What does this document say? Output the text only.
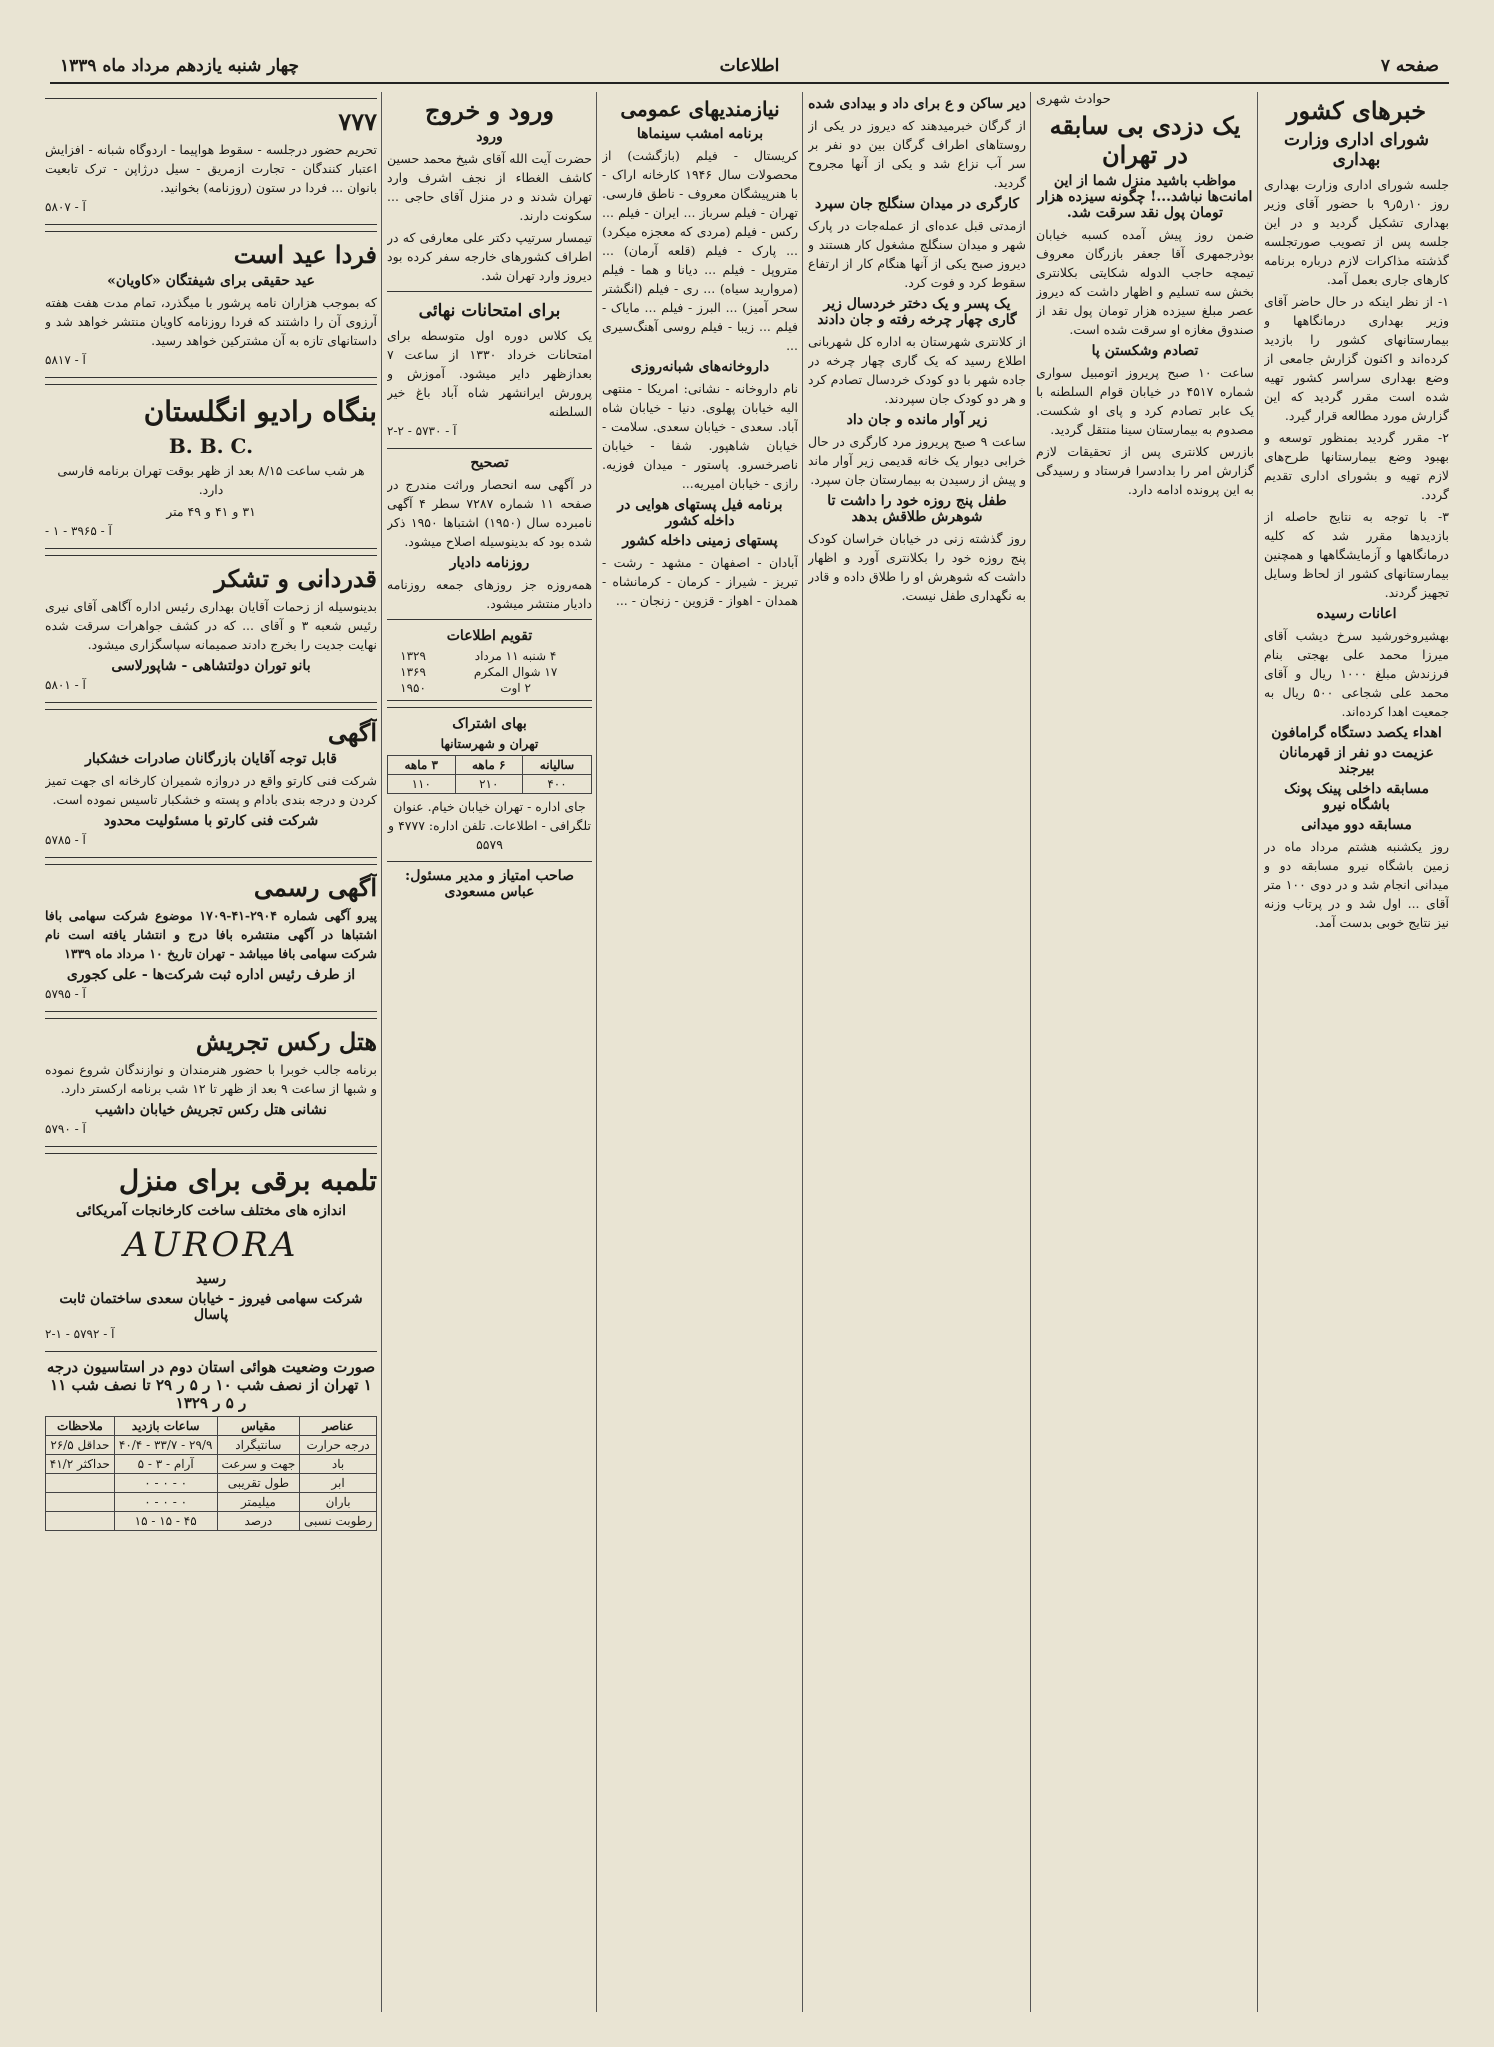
صفحه ۷
اطلاعات
چهار شنبه یازدهم مرداد ماه ۱۳۳۹
خبرهای کشور
شورای اداری وزارت بهداری

جلسه شورای اداری وزارت بهداری روز ۱۰ر۵ر۹ با حضور آقای وزیر بهداری تشکیل گردید و در این جلسه پس از تصویب صورتجلسه گذشته مذاکرات لازم درباره برنامه کارهای جاری بعمل آمد.

۱- از نظر اینکه در حال حاضر آقای وزیر بهداری درمانگاهها و بیمارستانهای کشور را بازدید کرده‌اند و اکنون گزارش جامعی از وضع بهداری سراسر کشور تهیه شده است مقرر گردید که این گزارش مورد مطالعه قرار گیرد.

۲- مقرر گردید بمنظور توسعه و بهبود وضع بیمارستانها طرح‌های لازم تهیه و بشورای اداری تقدیم گردد.

۳- با توجه به نتایج حاصله از بازدیدها مقرر شد که کلیه درمانگاهها و آزمایشگاهها و همچنین بیمارستانهای کشور از لحاظ وسایل تجهیز گردند.

اعانات رسیده

بهشیروخورشید سرخ دیشب آقای میرزا محمد علی بهجتی بنام فرزندش مبلغ ۱۰۰۰ ریال و آقای محمد علی شجاعی ۵۰۰ ریال به جمعیت اهدا کرده‌اند.

اهداء یکصد دستگاه گرامافون
عزیمت دو نفر از قهرمانان بیرجند
مسابقه داخلی پینک پونک باشگاه نیرو
مسابقه دوو میدانی

روز یکشنبه هشتم مرداد ماه در زمین باشگاه نیرو مسابقه دو و میدانی انجام شد و در دوی ۱۰۰ متر آقای ... اول شد و در پرتاب وزنه نیز نتایج خوبی بدست آمد.

حوادث شهری

یک دزدی بی سابقه در تهران

مواظب باشید منزل شما از این امانت‌ها نباشد...! چگونه سیزده هزار تومان پول نقد سرقت شد.

ضمن روز پیش آمده کسبه خیابان بوذرجمهری آقا جعفر بازرگان معروف تیمچه حاجب الدوله شکایتی بکلانتری بخش سه تسلیم و اظهار داشت که دیروز عصر مبلغ سیزده هزار تومان پول نقد از صندوق مغازه او سرقت شده است.

تصادم وشکستن پا

ساعت ۱۰ صبح پریروز اتومبیل سواری شماره ۴۵۱۷ در خیابان قوام السلطنه با یک عابر تصادم کرد و پای او شکست. مصدوم به بیمارستان سینا منتقل گردید.

بازرس کلانتری پس از تحقیقات لازم گزارش امر را بدادسرا فرستاد و رسیدگی به این پرونده ادامه دارد.

دیر ساکن و ع برای داد و بیدادی شده

از گرگان خبرمیدهند که دیروز در یکی از روستاهای اطراف گرگان بین دو نفر بر سر آب نزاع شد و یکی از آنها مجروح گردید.

کارگری در میدان سنگلج جان سپرد

ازمدتی قبل عده‌ای از عمله‌جات در پارک شهر و میدان سنگلج مشغول کار هستند و دیروز صبح یکی از آنها هنگام کار از ارتفاع سقوط کرد و فوت کرد.

یک پسر و یک دختر خردسال زیر گاری چهار چرخه رفته و جان دادند

از کلانتری شهرستان به اداره کل شهربانی اطلاع رسید که یک گاری چهار چرخه در جاده شهر با دو کودک خردسال تصادم کرد و هر دو کودک جان سپردند.

زیر آوار مانده و جان داد

ساعت ۹ صبح پریروز مرد کارگری در حال خرابی دیوار یک خانه قدیمی زیر آوار ماند و پیش از رسیدن به بیمارستان جان سپرد.

طفل پنج روزه خود را داشت تا شوهرش طلاقش بدهد

روز گذشته زنی در خیابان خراسان کودک پنج روزه خود را بکلانتری آورد و اظهار داشت که شوهرش او را طلاق داده و قادر به نگهداری طفل نیست.

نیازمندیهای عمومی
برنامه امشب سینماها

کریستال - فیلم (بازگشت) از محصولات سال ۱۹۴۶ کارخانه اراک - با هنرپیشگان معروف - ناطق فارسی. تهران - فیلم سرباز ... ایران - فیلم ... رکس - فیلم (مردی که معجزه میکرد) ... پارک - فیلم (قلعه آرمان) ... متروپل - فیلم ... دیانا و هما - فیلم (مروارید سیاه) ... ری - فیلم (انگشتر سحر آمیز) ... البرز - فیلم ... مایاک - فیلم ... زیبا - فیلم روسی آهنگ‌سیری ...

داروخانه‌های شبانه‌روزی

نام داروخانه - نشانی: امریکا - منتهی الیه خیابان پهلوی. دنیا - خیابان شاه آباد. سعدی - خیابان سعدی. سلامت - خیابان شاهپور. شفا - خیابان ناصرخسرو. پاستور - میدان فوزیه. رازی - خیابان امیریه...

برنامه فیل پستهای هوایی در داخله کشور
پستهای زمینی داخله کشور

آبادان - اصفهان - مشهد - رشت - تبریز - شیراز - کرمان - کرمانشاه - همدان - اهواز - قزوین - زنجان - ...

ورود و خروج
ورود

حضرت آیت الله آقای شیخ محمد حسین کاشف الغطاء از نجف اشرف وارد تهران شدند و در منزل آقای حاجی ... سکونت دارند.

تیمسار سرتیپ دکتر علی معارفی که در اطراف کشورهای خارجه سفر کرده بود دیروز وارد تهران شد.

برای امتحانات نهائی

یک کلاس دوره اول متوسطه برای امتحانات خرداد ۱۳۳۰ از ساعت ۷ بعدازظهر دایر میشود. آموزش و پرورش ایرانشهر شاه آباد باغ خیر السلطنه

آ - ۵۷۳۰ - ۲-۲

تصحیح

در آگهی سه انحصار وراثت مندرج در صفحه ۱۱ شماره ۷۲۸۷ سطر ۴ آگهی نامبرده سال (۱۹۵۰) اشتباها ۱۹۵۰ ذکر شده بود که بدینوسیله اصلاح میشود.

روزنامه دادیار

همه‌روزه جز روزهای جمعه روزنامه دادیار منتشر میشود.

تقویم اطلاعات
۴ شنبه ۱۱ مرداد	۱۳۲۹
۱۷ شوال المکرم	۱۳۶۹
۲ اوت	۱۹۵۰
بهای اشتراک
تهران و شهرستانها
سالیانه	۶ ماهه	۳ ماهه
۴۰۰	۲۱۰	۱۱۰

جای اداره - تهران خیابان خیام. عنوان تلگرافی - اطلاعات. تلفن اداره: ۴۷۷۷ و ۵۵۷۹

صاحب امتیاز و مدیر مسئول: عباس مسعودی

۷۷۷

تحریم حضور درجلسه - سقوط هواپیما - اردوگاه شبانه - افزایش اعتبار کنندگان - تجارت ازمریق - سیل درژاپن - ترک تابعیت بانوان ... فردا در ستون (روزنامه) بخوانید.

آ - ۵۸۰۷

فردا عید است
عید حقیقی برای شیفتگان «کاویان»

که بموجب هزاران نامه پرشور با میگذرد، تمام مدت هفت هفته آرزوی آن را داشتند که فردا روزنامه کاویان منتشر خواهد شد و داستانهای تازه به آن مشترکین خواهد رسید.

آ - ۵۸۱۷

بنگاه رادیو انگلستان
B. B. C.

هر شب ساعت ۸/۱۵ بعد از ظهر بوقت تهران برنامه فارسی دارد.

۳۱ و ۴۱ و ۴۹ متر

آ - ۳۹۶۵ - ۱ -

قدردانی و تشکر

بدینوسیله از زحمات آقایان بهداری رئیس اداره آگاهی آقای نیری رئیس شعبه ۳ و آقای ... که در کشف جواهرات سرقت شده نهایت جدیت را بخرج دادند صمیمانه سپاسگزاری میشود.

بانو توران دولتشاهی - شاپورلاسی

آ - ۵۸۰۱

آگهی
قابل توجه آقایان بازرگانان صادرات خشکبار

شرکت فنی کارتو واقع در دروازه شمیران کارخانه ای جهت تمیز کردن و درجه بندی بادام و پسته و خشکبار تاسیس نموده است.

شرکت فنی کارتو با مسئولیت محدود

آ - ۵۷۸۵

آگهی رسمی

پیرو آگهی شماره ۲۹۰۴-۴۱-۱۷۰۹ موضوع شرکت سهامی بافا اشتباها در آگهی منتشره بافا درج و انتشار یافته است نام شرکت سهامی بافا میباشد - تهران تاریخ ۱۰ مرداد ماه ۱۳۳۹

از طرف رئیس اداره ثبت شرکت‌ها - علی کجوری

آ - ۵۷۹۵

هتل رکس تجریش

برنامه جالب خوبرا با حضور هنرمندان و نوازندگان شروع نموده و شبها از ساعت ۹ بعد از ظهر تا ۱۲ شب برنامه ارکستر دارد.

نشانی هتل رکس تجریش خیابان داشیب

آ - ۵۷۹۰

تلمبه برقی برای منزل
اندازه های مختلف ساخت کارخانجات آمریکائی
AURORA
رسید

شرکت سهامی فیروز - خیابان سعدی ساختمان ثابت پاسال

آ - ۵۷۹۲ - ۱-۲

صورت وضعیت هوائی استان دوم در استاسیون درجه ۱ تهران از نصف شب ۱۰ ر ۵ ر ۲۹ تا نصف شب ۱۱ ر ۵ ر ۱۳۲۹
عناصر	مقیاس	ساعات بازدید	ملاحظات
درجه حرارت	سانتیگراد	۲۹/۹ - ۳۳/۷ - ۴۰/۴	حداقل ۲۶/۵
باد	جهت و سرعت	آرام - ۳ - ۵	حداکثر ۴۱/۲
ابر	طول تقریبی	۰ - ۰ - ۰	
باران	میلیمتر	۰ - ۰ - ۰	
رطوبت نسبی	درصد	۴۵ - ۱۵ - ۱۵	
